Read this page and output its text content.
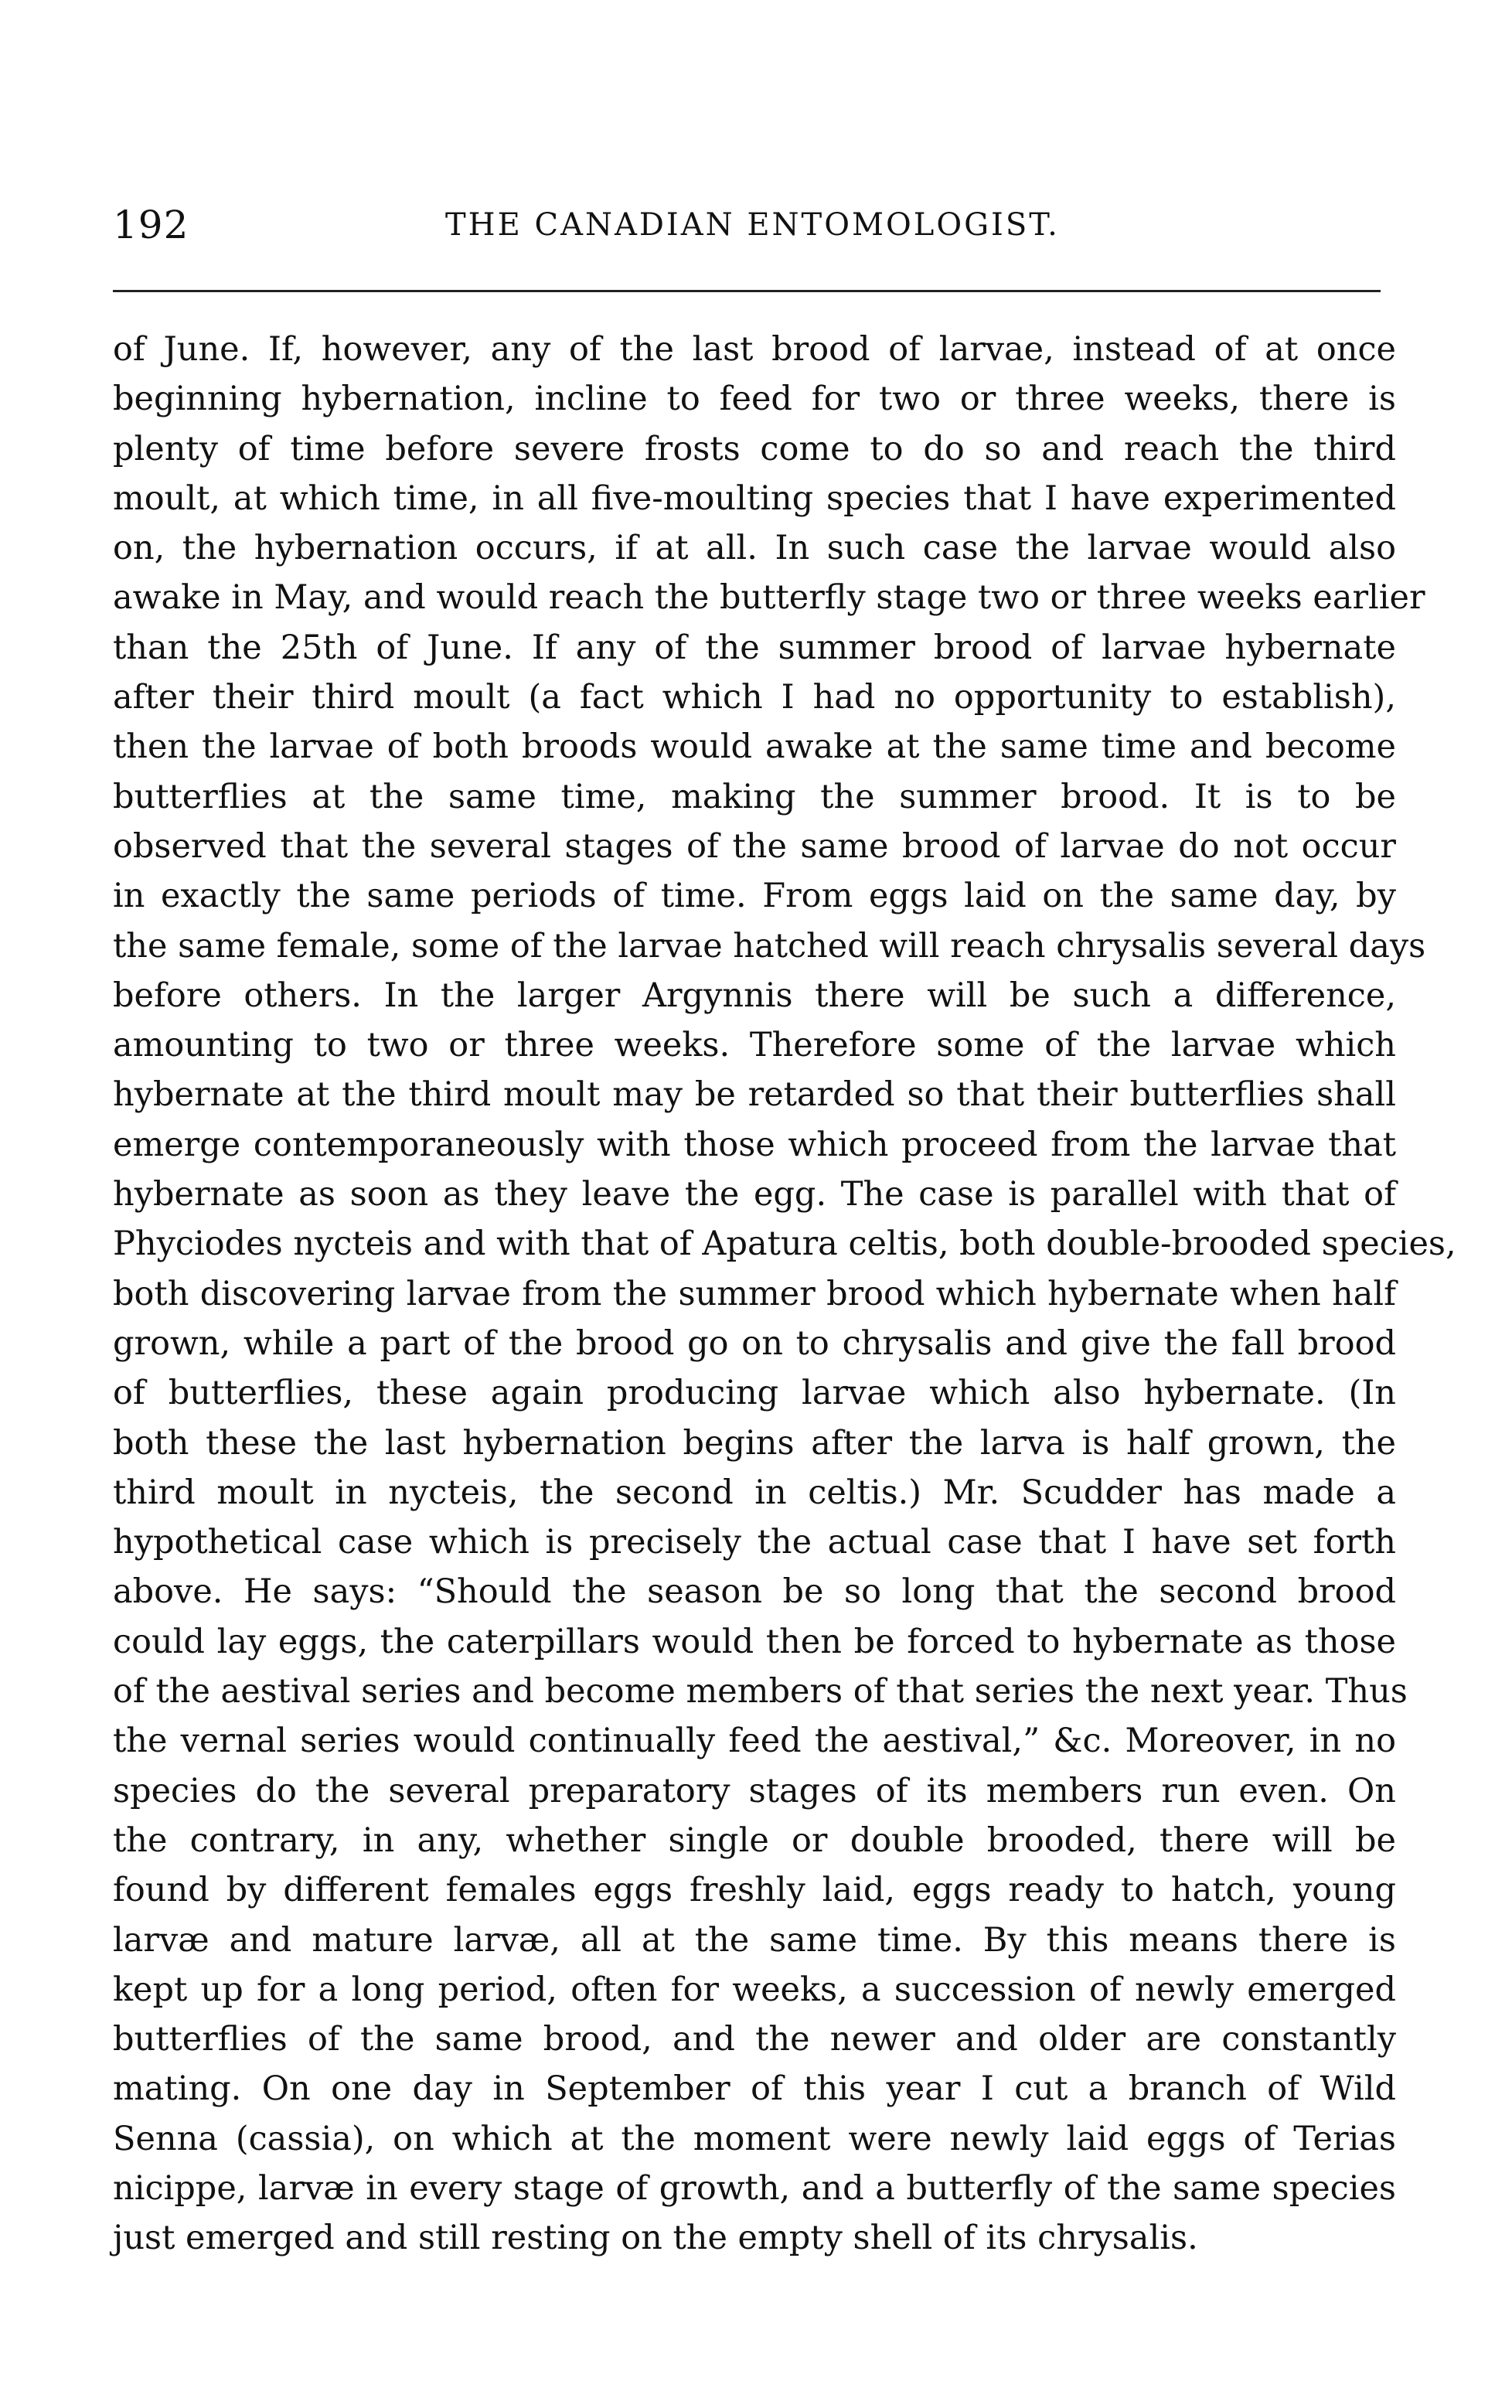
192	THE CANADIAN ENTOMOLOGIST.
of June. If, however, any of the last brood of larvae, instead of at once
beginning hybernation, incline to feed for two or three weeks, there is
plenty of time before severe frosts come to do so and reach the third
moult, at which time, in all five-moulting species that I have experimented
on, the hybernation occurs, if at all. In such case the larvae would also
awake in May, and would reach the butterfly stage two or three weeks earlier
than the 25th of June. If any of the summer brood of larvae hybernate
after their third moult (a fact which I had no opportunity to establish),
then the larvae of both broods would awake at the same time and become
butterflies at the same time, making the summer brood. It is to be
observed that the several stages of the same brood of larvae do not occur
in exactly the same periods of time. From eggs laid on the same day, by
the same female, some of the larvae hatched will reach chrysalis several days
before others. In the larger Argynnis there will be such a difference,
amounting to two or three weeks. Therefore some of the larvae which
hybernate at the third moult may be retarded so that their butterflies shall
emerge contemporaneously with those which proceed from the larvae that
hybernate as soon as they leave the egg. The case is parallel with that of
Phyciodes nycteis and with that of Apatura celtis, both double-brooded species,
both discovering larvae from the summer brood which hybernate when half
grown, while a part of the brood go on to chrysalis and give the fall brood
of butterflies, these again producing larvae which also hybernate. (In
both these the last hybernation begins after the larva is half grown, the
third moult in nycteis, the second in celtis.) Mr. Scudder has made a
hypothetical case which is precisely the actual case that I have set forth
above. He says: “Should the season be so long that the second brood
could lay eggs, the caterpillars would then be forced to hybernate as those
of the aestival series and become members of that series the next year. Thus
the vernal series would continually feed the aestival,” &c. Moreover, in no
species do the several preparatory stages of its members run even. On
the contrary, in any, whether single or double brooded, there will be
found by different females eggs freshly laid, eggs ready to hatch, young
larvæ and mature larvæ, all at the same time. By this means there is
kept up for a long period, often for weeks, a succession of newly emerged
butterflies of the same brood, and the newer and older are constantly
mating. On one day in September of this year I cut a branch of Wild
Senna (cassia), on which at the moment were newly laid eggs of Terias
nicippe, larvæ in every stage of growth, and a butterfly of the same species
just emerged and still resting on the empty shell of its chrysalis.
